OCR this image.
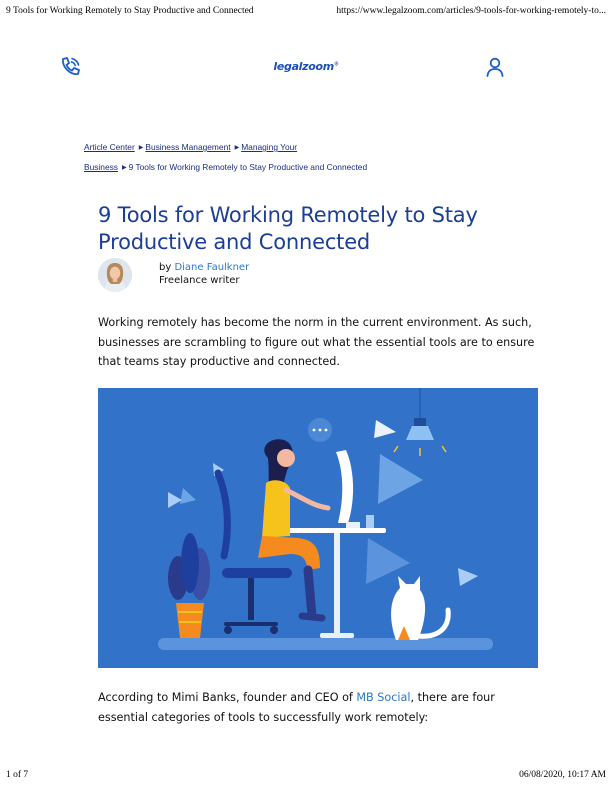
9 Tools for Working Remotely to Stay Productive and Connected	https://www.legalzoom.com/articles/9-tools-for-working-remotely-to...
legalzoom®
Article Center ▶ Business Management ▶ Managing Your
Business ▶ 9 Tools for Working Remotely to Stay Productive and Connected
9 Tools for Working Remotely to Stay Productive and Connected
by Diane Faulkner
Freelance writer

Working remotely has become the norm in the current environment. As such, businesses are scrambling to figure out what the essential tools are to ensure that teams stay productive and connected.

According to Mimi Banks, founder and CEO of MB Social, there are four essential categories of tools to successfully work remotely:

1 of 7	06/08/2020, 10:17 AM
